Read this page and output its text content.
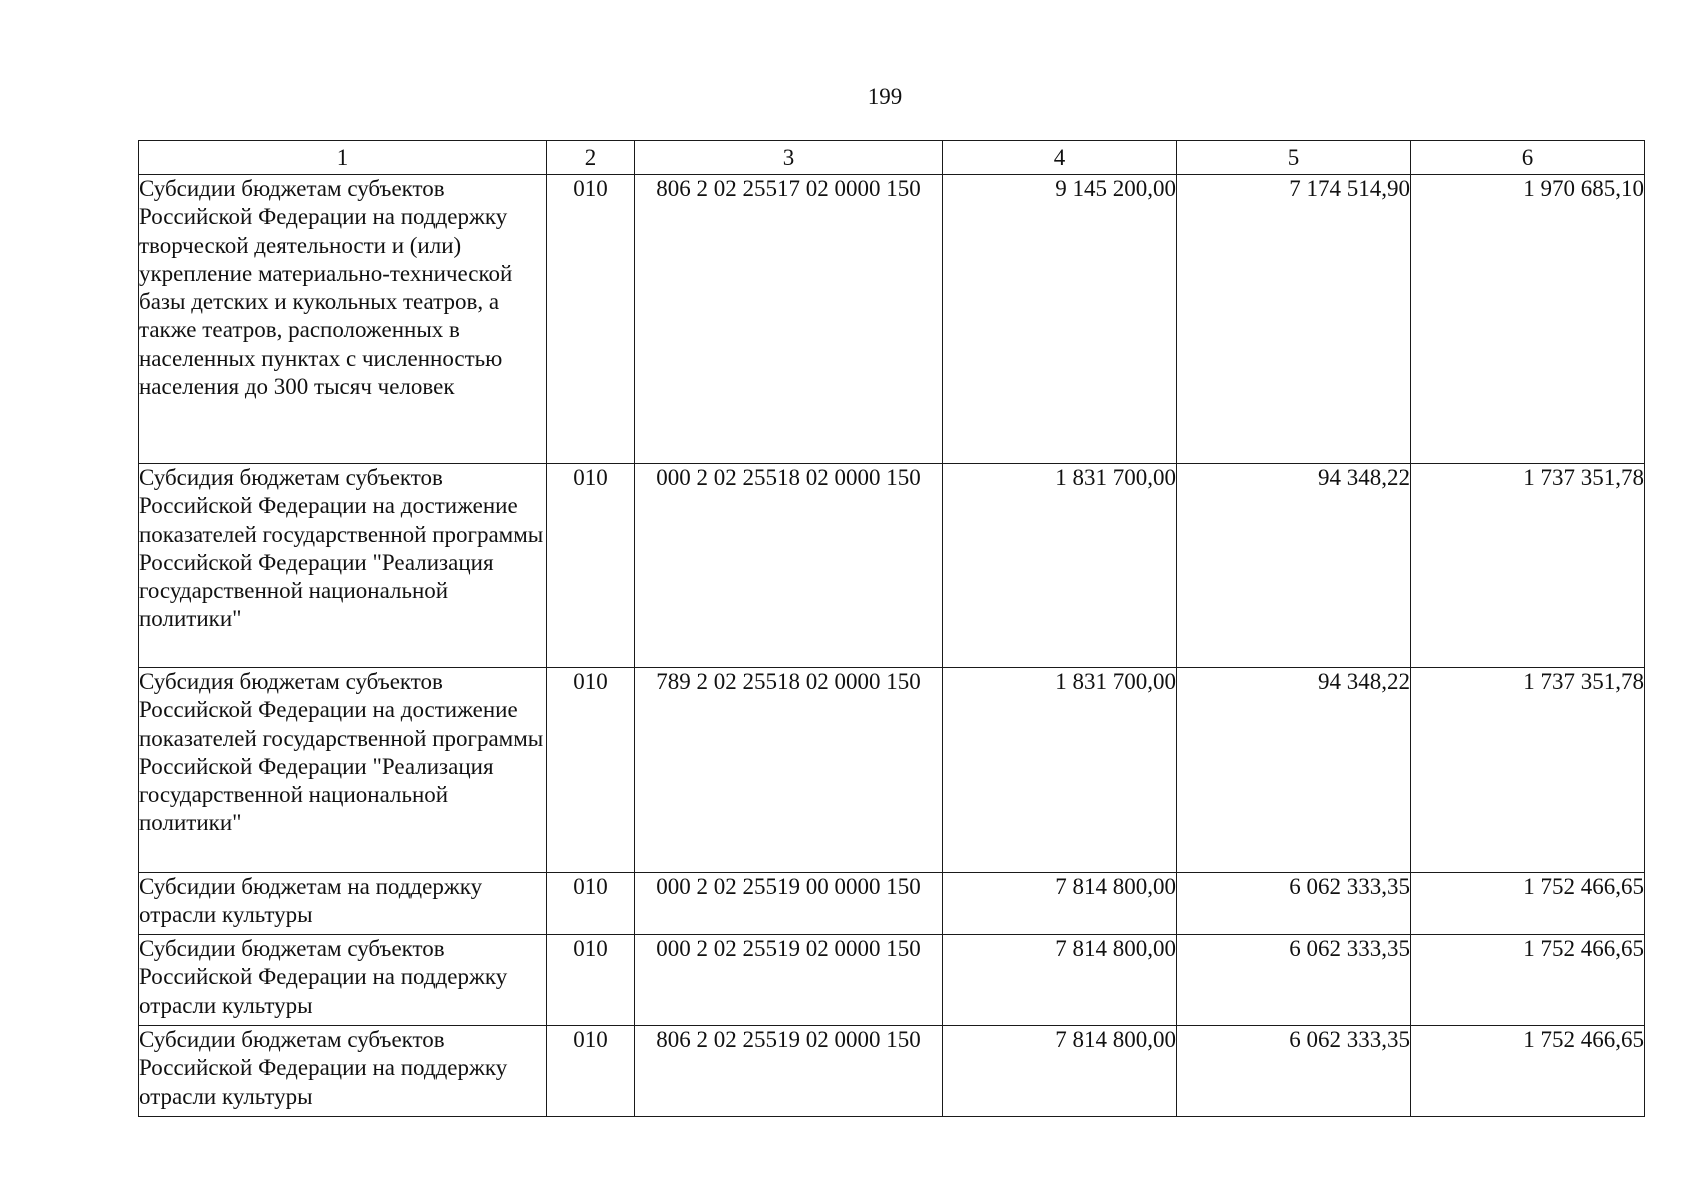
199
1	2	3	4	5	6
Субсидии бюджетам субъектов Российской Федерации на поддержку творческой деятельности и (или) укрепление материально-технической базы детских и кукольных театров, а также театров, расположенных в населенных пунктах с численностью населения до 300 тысяч человек	010	806 2 02 25517 02 0000 150	9 145 200,00	7 174 514,90	1 970 685,10
Субсидия бюджетам субъектов Российской Федерации на достижение показателей государственной программы Российской Федерации "Реализация государственной национальной политики"	010	000 2 02 25518 02 0000 150	1 831 700,00	94 348,22	1 737 351,78
Субсидия бюджетам субъектов Российской Федерации на достижение показателей государственной программы Российской Федерации "Реализация государственной национальной политики"	010	789 2 02 25518 02 0000 150	1 831 700,00	94 348,22	1 737 351,78
Субсидии бюджетам на поддержку отрасли культуры	010	000 2 02 25519 00 0000 150	7 814 800,00	6 062 333,35	1 752 466,65
Субсидии бюджетам субъектов Российской Федерации на поддержку отрасли культуры	010	000 2 02 25519 02 0000 150	7 814 800,00	6 062 333,35	1 752 466,65
Субсидии бюджетам субъектов Российской Федерации на поддержку отрасли культуры	010	806 2 02 25519 02 0000 150	7 814 800,00	6 062 333,35	1 752 466,65
